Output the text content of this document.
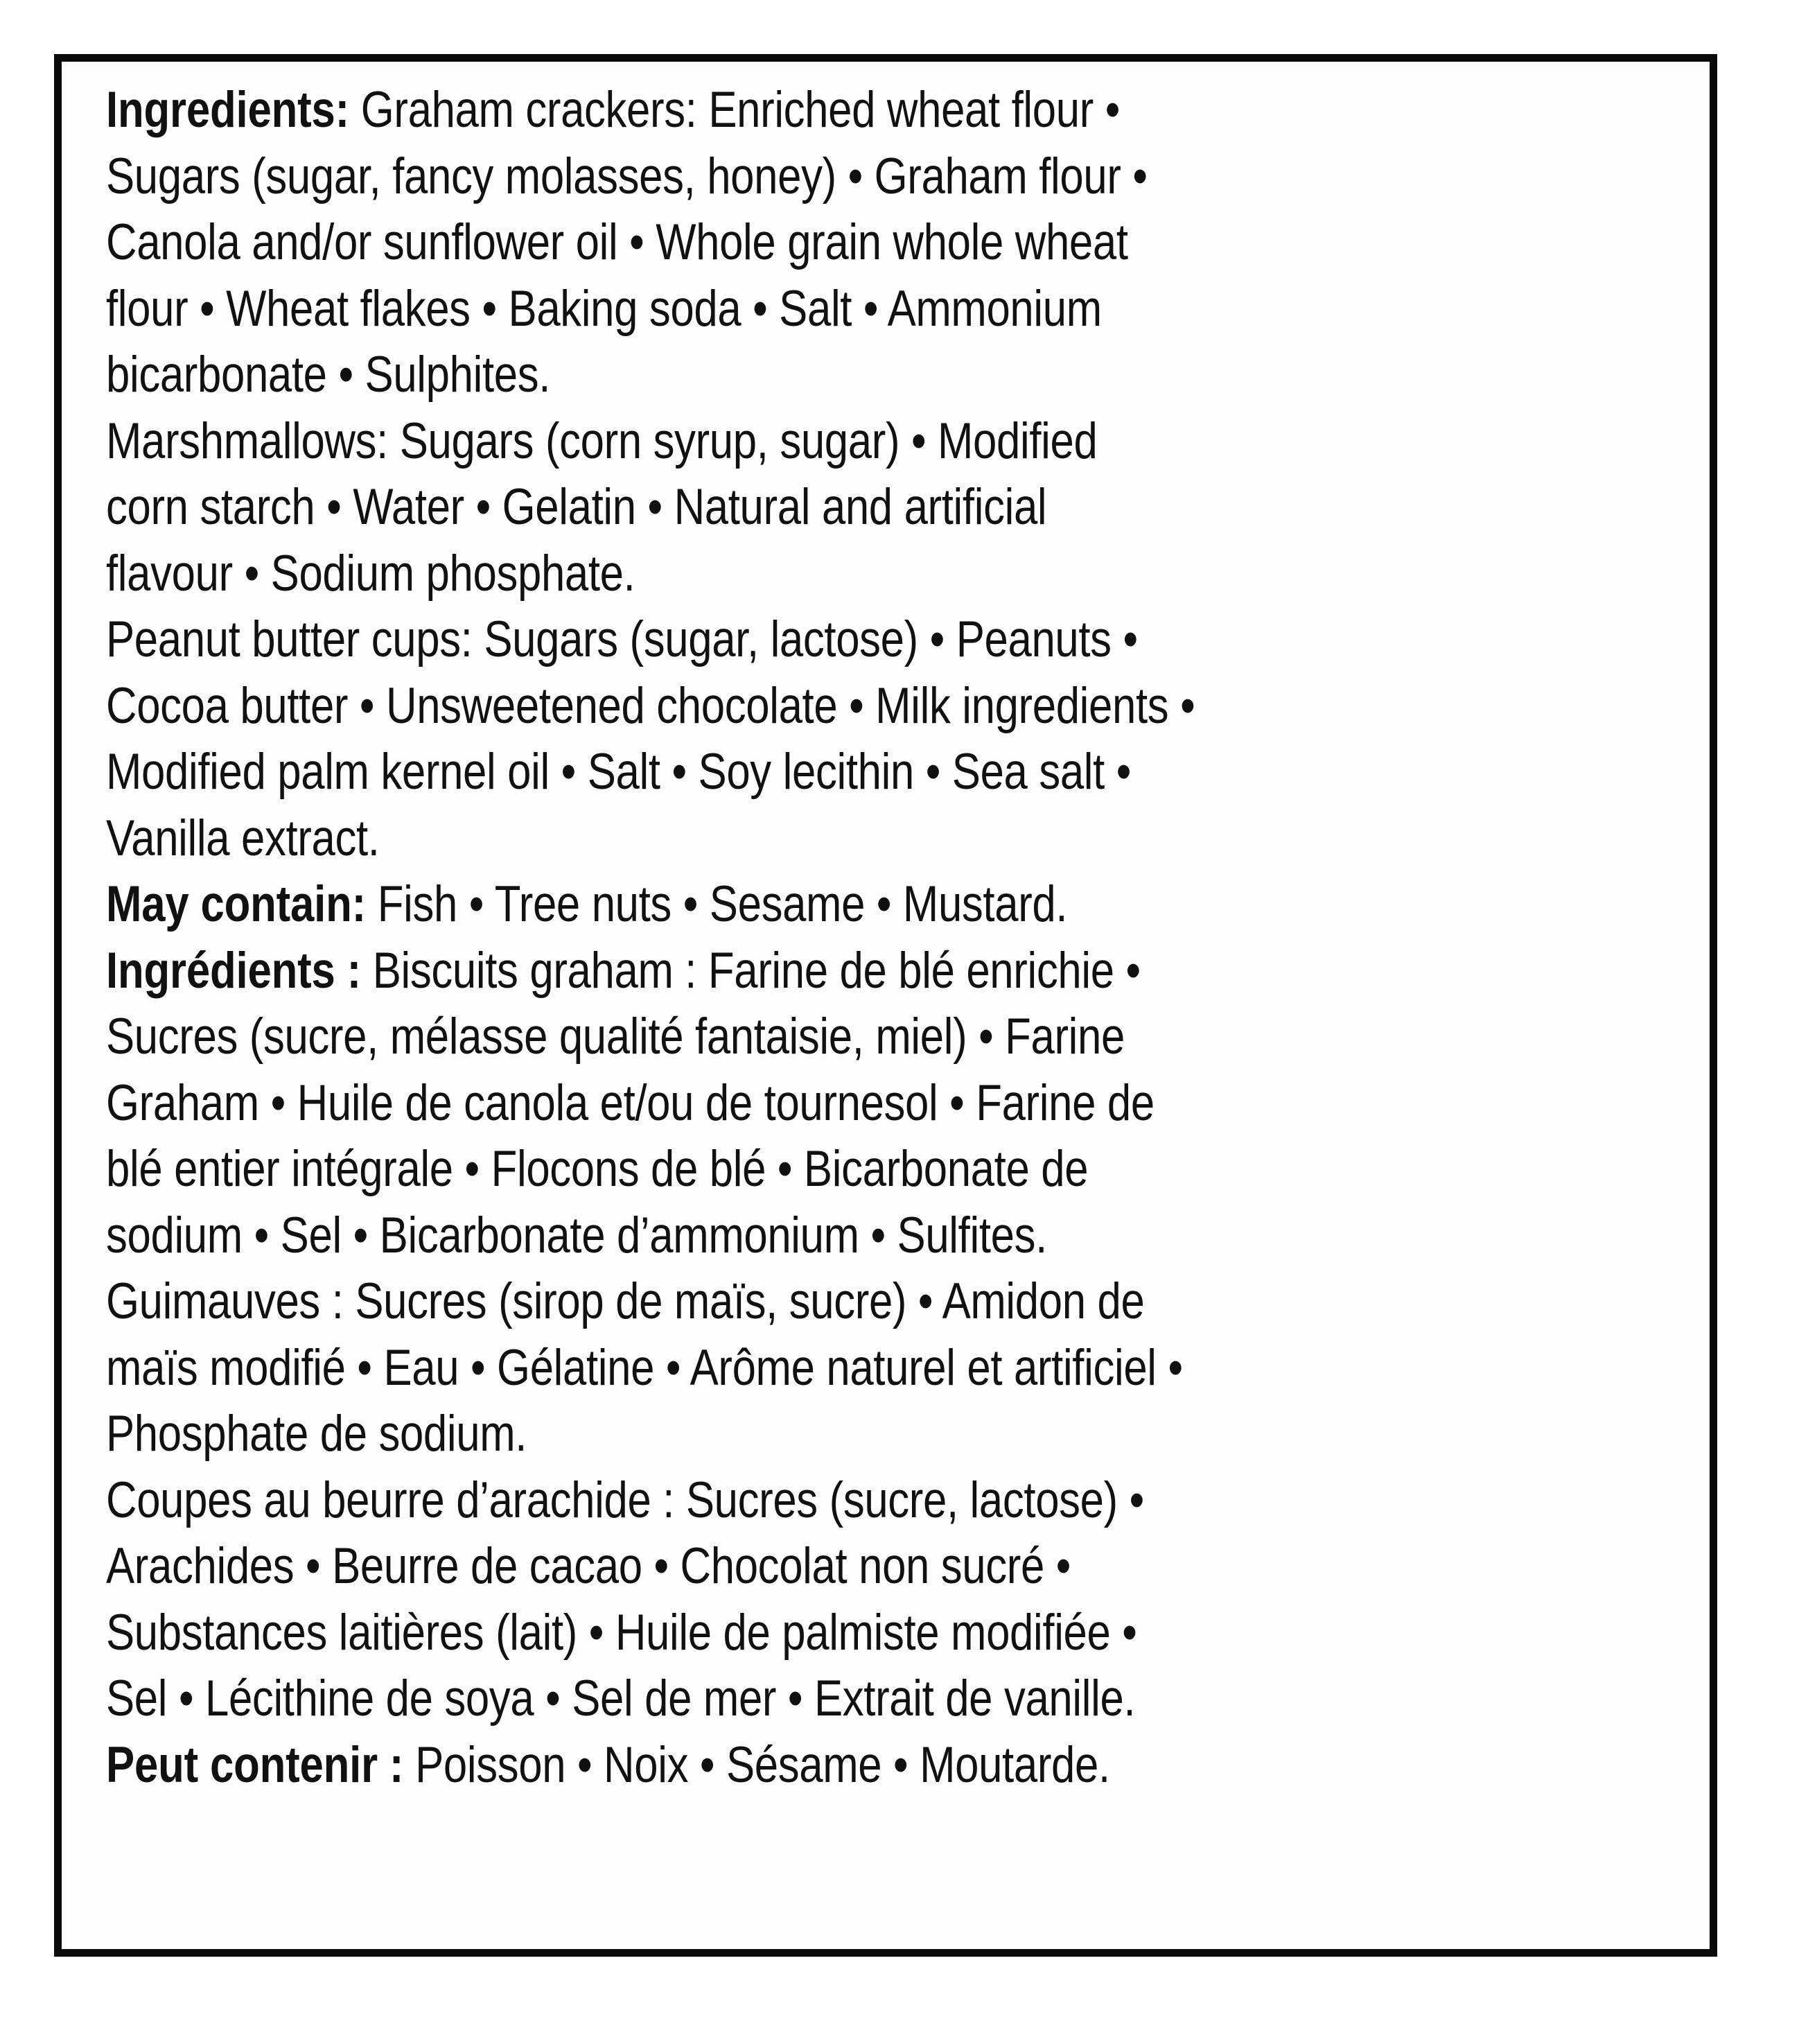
Ingredients: Graham crackers: Enriched wheat flour •
Sugars (sugar, fancy molasses, honey) • Graham flour •
Canola and/or sunflower oil • Whole grain whole wheat
flour • Wheat flakes • Baking soda • Salt • Ammonium
bicarbonate • Sulphites.
Marshmallows: Sugars (corn syrup, sugar) • Modified
corn starch • Water • Gelatin • Natural and artificial
flavour • Sodium phosphate.
Peanut butter cups: Sugars (sugar, lactose) • Peanuts •
Cocoa butter • Unsweetened chocolate • Milk ingredients •
Modified palm kernel oil • Salt • Soy lecithin • Sea salt •
Vanilla extract.
May contain: Fish • Tree nuts • Sesame • Mustard.
Ingrédients : Biscuits graham : Farine de blé enrichie •
Sucres (sucre, mélasse qualité fantaisie, miel) • Farine
Graham • Huile de canola et/ou de tournesol • Farine de
blé entier intégrale • Flocons de blé • Bicarbonate de
sodium • Sel • Bicarbonate d’ammonium • Sulfites.
Guimauves : Sucres (sirop de maïs, sucre) • Amidon de
maïs modifié • Eau • Gélatine • Arôme naturel et artificiel •
Phosphate de sodium.
Coupes au beurre d’arachide : Sucres (sucre, lactose) •
Arachides • Beurre de cacao • Chocolat non sucré •
Substances laitières (lait) • Huile de palmiste modifiée •
Sel • Lécithine de soya • Sel de mer • Extrait de vanille.
Peut contenir : Poisson • Noix • Sésame • Moutarde.
